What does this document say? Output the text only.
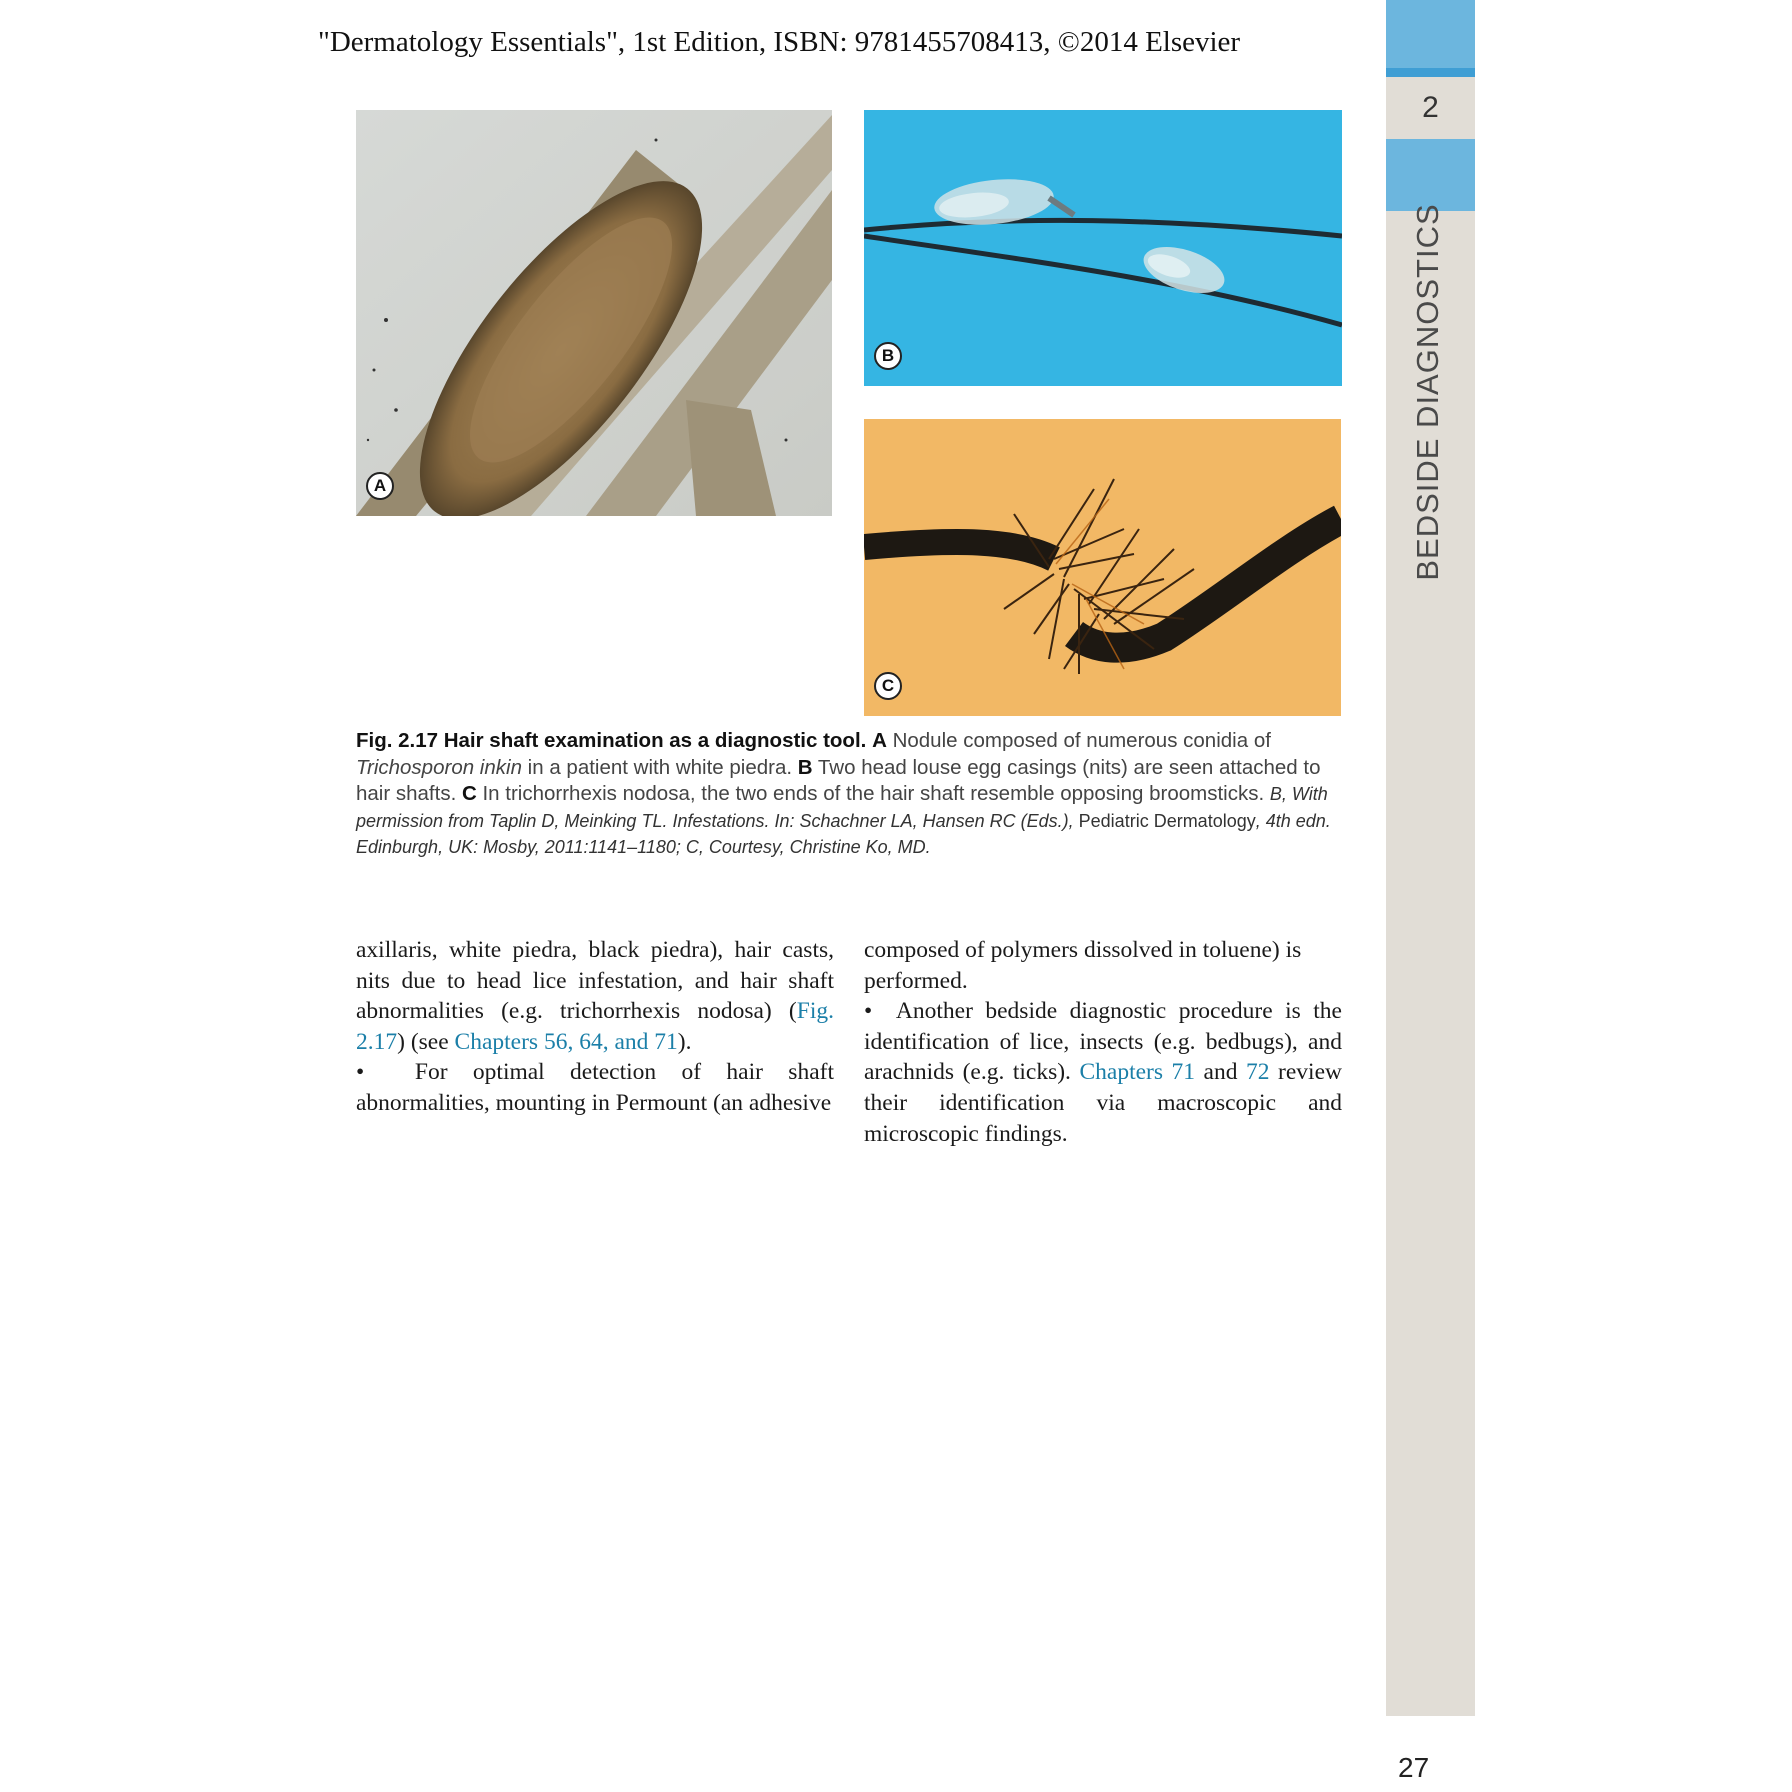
"Dermatology Essentials", 1st Edition, ISBN: 9781455708413, ©2014 Elsevier
2
BEDSIDE DIAGNOSTICS
A
B
C
Fig. 2.17 Hair shaft examination as a diagnostic tool. A Nodule composed of numerous conidia of Trichosporon inkin in a patient with white piedra. B Two head louse egg casings (nits) are seen attached to hair shafts. C In trichorrhexis nodosa, the two ends of the hair shaft resemble opposing broomsticks. B, With permission from Taplin D, Meinking TL. Infestations. In: Schachner LA, Hansen RC (Eds.), Pediatric Dermatology, 4th edn. Edinburgh, UK: Mosby, 2011:1141–1180; C, Courtesy, Christine Ko, MD.

axillaris, white piedra, black piedra), hair casts, nits due to head lice infestation, and hair shaft abnormalities (e.g. trichorrhexis nodosa) (Fig. 2.17) (see Chapters 56, 64, and 71).

• For optimal detection of hair shaft abnormalities, mounting in Permount (an adhesive

composed of polymers dissolved in toluene) is performed.

• Another bedside diagnostic procedure is the identification of lice, insects (e.g. bedbugs), and arachnids (e.g. ticks). Chapters 71 and 72 review their identification via macroscopic and microscopic findings.

27
